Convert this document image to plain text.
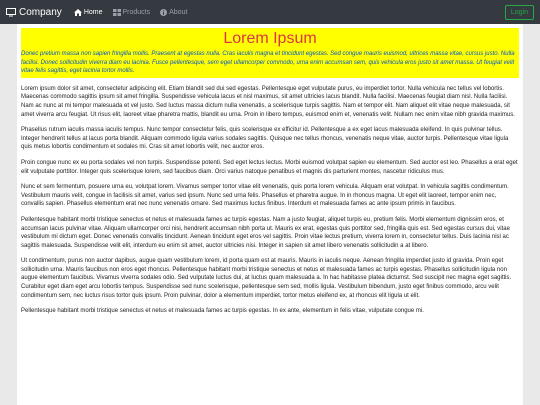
Company	Home	Products	About	Login
Lorem Ipsum

Donec pretium massa non sapien fringilla mollis. Praesent at egestas nulla. Cras iaculis magna et tincidunt egestas. Sed congue mauris euismod, ultrices massa vitae, cursus justo. Nulla facilisi. Donec sollicitudin viverra diam eu lacinia. Fusce pellentesque, sem eget ullamcorper commodo, urna enim accumsan sem, quis vehicula eros justo sit amet massa. Ut feugiat velit vitae felis sagittis, eget lacinia tortor mollis.

Lorem ipsum dolor sit amet, consectetur adipiscing elit. Etiam blandit sed dui sed egestas. Pellentesque eget vulputate purus, eu imperdiet tortor. Nulla vehicula nec tellus vel lobortis. Maecenas commodo sagittis ipsum sit amet fringilla. Suspendisse vehicula lacus et nisl maximus, sit amet ultricies lacus blandit. Nulla facilisi. Maecenas feugiat diam nisl. Nulla facilisi. Nam ac nunc at mi tempor malesuada et vel justo. Sed luctus massa dictum nulla venenatis, a scelerisque turpis sagittis. Nam et tempor elit. Nam aliquet elit vitae neque malesuada, sit amet viverra arcu feugiat. Ut risus elit, laoreet vitae pharetra mattis, blandit eu urna. Proin in libero tempus, euismod enim et, venenatis velit. Nullam nec enim vitae nibh gravida maximus.

Phasellus rutrum iaculis massa iaculis tempus. Nunc tempor consectetur felis, quis scelerisque ex efficitur id. Pellentesque a ex eget lacus malesuada eleifend. In quis pulvinar tellus. Integer hendrerit tellus at lacus porta blandit. Aliquam commodo ligula varius sodales sagittis. Quisque nec tellus rhoncus, venenatis neque vitae, auctor turpis. Pellentesque vitae ligula quis metus lobortis condimentum et sodales mi. Cras sit amet lobortis velit, nec auctor eros.

Proin congue nunc ex eu porta sodales vel non turpis. Suspendisse potenti. Sed eget lectus lectus. Morbi euismod volutpat sapien eu elementum. Sed auctor est leo. Phasellus a erat eget elit vulputate porttitor. Integer quis scelerisque lorem, sed faucibus diam. Orci varius natoque penatibus et magnis dis parturient montes, nascetur ridiculus mus.

Nunc et sem fermentum, posuere urna eu, volutpat lorem. Vivamus semper tortor vitae elit venenatis, quis porta lorem vehicula. Aliquam erat volutpat. In vehicula sagittis condimentum. Vestibulum mauris velit, congue in facilisis sit amet, varius sed ipsum. Nunc sed urna felis. Phasellus et pharetra augue. In in rhoncus magna. Ut eget elit laoreet, tempor enim nec, convallis sapien. Phasellus elementum erat nec nunc venenatis ornare. Sed maximus luctus finibus. Interdum et malesuada fames ac ante ipsum primis in faucibus.

Pellentesque habitant morbi tristique senectus et netus et malesuada fames ac turpis egestas. Nam a justo feugiat, aliquet turpis eu, pretium felis. Morbi elementum dignissim eros, et accumsan lacus pulvinar vitae. Aliquam ullamcorper orci nisi, hendrerit accumsan nibh porta ut. Mauris ex erat, egestas quis porttitor sed, fringilla quis est. Sed egestas cursus dui, vitae vestibulum mi dictum eget. Donec venenatis convallis tincidunt. Aenean tincidunt eget eros vel sagittis. Proin vitae lectus pretium, viverra lorem in, consectetur tellus. Duis lacinia nisl ac sagittis malesuada. Suspendisse velit elit, interdum eu enim sit amet, auctor ultricies nisi. Integer in sapien sit amet libero venenatis sollicitudin a at libero.

Ut condimentum, purus non auctor dapibus, augue quam vestibulum lorem, id porta quam est at mauris. Mauris in iaculis neque. Aenean fringilla imperdiet justo id gravida. Proin eget sollicitudin urna. Mauris faucibus non eros eget rhoncus. Pellentesque habitant morbi tristique senectus et netus et malesuada fames ac turpis egestas. Phasellus sollicitudin ligula non augue elementum faucibus. Vivamus viverra sodales odio. Sed vulputate luctus dui, at luctus quam malesuada a. In hac habitasse platea dictumst. Sed suscipit nec magna eget sagittis. Curabitur eget diam eget arcu lobortis tempus. Suspendisse sed nunc scelerisque, pellentesque sem sed, mollis ligula. Vestibulum bibendum, justo eget finibus commodo, arcu velit condimentum sem, nec luctus risus tortor quis ipsum. Proin pulvinar, dolor a elementum imperdiet, tortor metus eleifend ex, at rhoncus elit ligula ut elit.

Pellentesque habitant morbi tristique senectus et netus et malesuada fames ac turpis egestas. In ex ante, elementum in felis vitae, vulputate congue mi.
